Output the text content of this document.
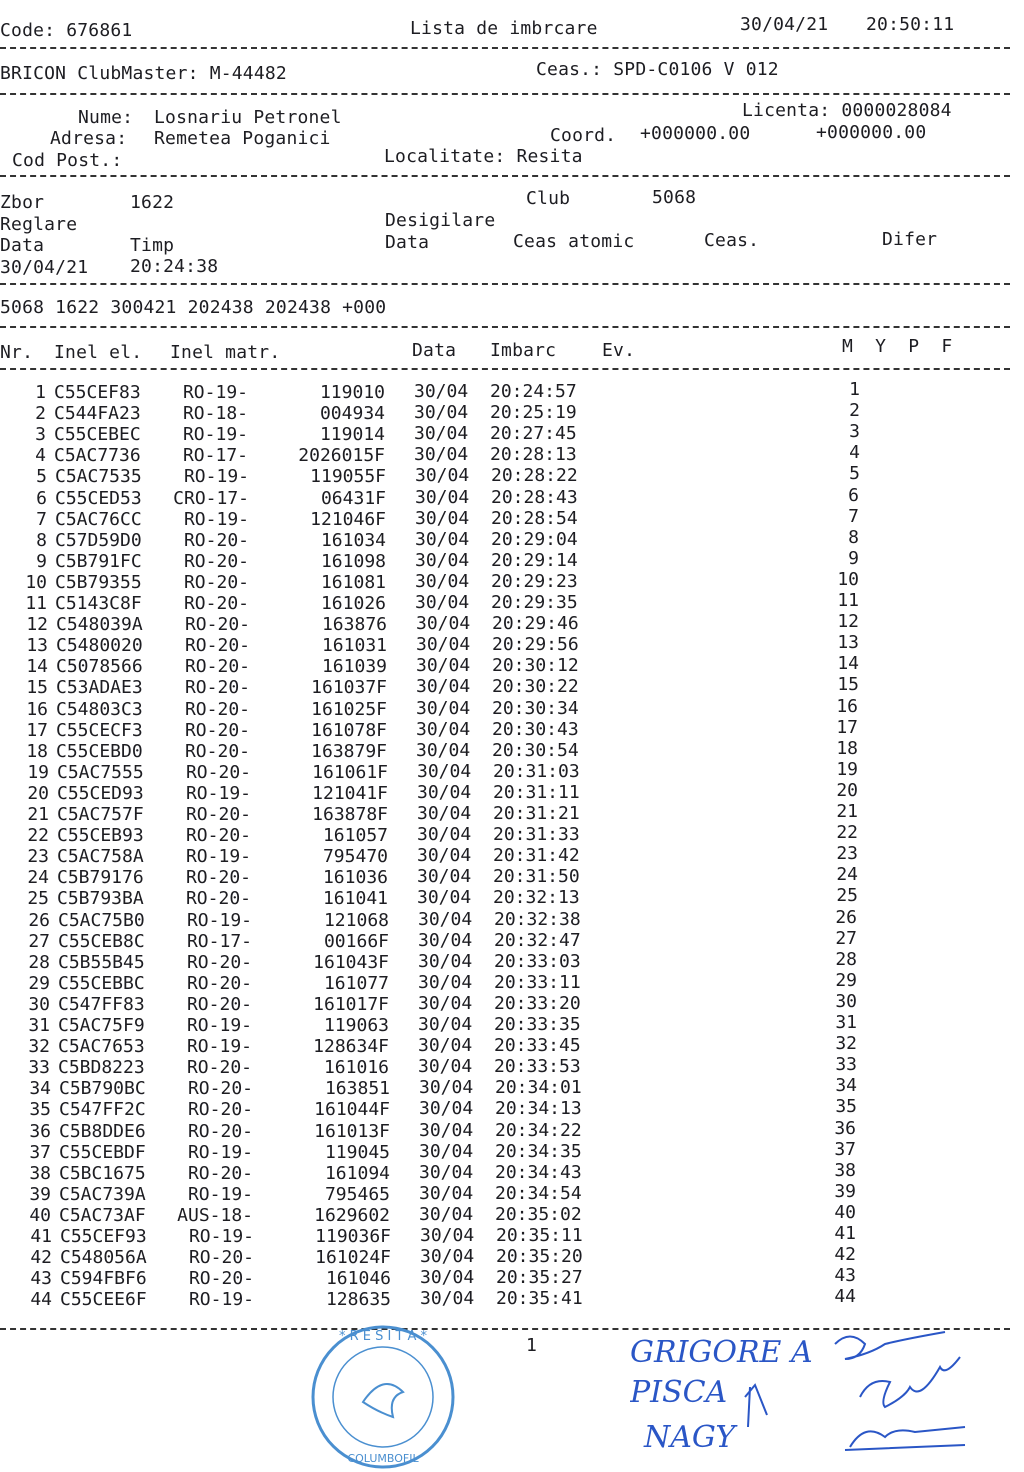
Code: 676861	Lista de imbrcare	30/04/21 20:50:11
BRICON ClubMaster: M-44482	Ceas.: SPD-C0106 V 012
Nume: Losnariu Petronel	Licenta: 0000028084
Adresa: Remetea Poganici	Coord. +000000.00	+000000.00
Cod Post.:	Localitate: Resita
Zbor	1622	Club	5068
Reglare	Desigilare
Data	Timp	Data	Ceas atomic	Ceas.	Difer
30/04/21 20:24:38
5068 1622 300421 202438 202438 +000
Nr. Inel el. Inel matr.	Data Imbarc	Ev.	M  Y  P  F
1 C55CEF83	RO-19-	119010 30/04 20:24:57	1
2 C544FA23	RO-18-	004934 30/04 20:25:19	2
3 C55CEBEC	RO-19-	119014 30/04 20:27:45	3
4 C5AC7736	RO-17-	2026015F 30/04 20:28:13	4
5 C5AC7535	RO-19-	119055F 30/04 20:28:22	5
6 C55CED53	CRO-17-	06431F 30/04 20:28:43	6
7 C5AC76CC	RO-19-	121046F 30/04 20:28:54	7
8 C57D59D0	RO-20-	161034 30/04 20:29:04	8
9 C5B791FC	RO-20-	161098 30/04 20:29:14	9
10 C5B79355	RO-20-	161081 30/04 20:29:23	10
11 C5143C8F	RO-20-	161026 30/04 20:29:35	11
12 C548039A	RO-20-	163876 30/04 20:29:46	12
13 C5480020	RO-20-	161031 30/04 20:29:56	13
14 C5078566	RO-20-	161039 30/04 20:30:12	14
15 C53ADAE3	RO-20-	161037F 30/04 20:30:22	15
16 C54803C3	RO-20-	161025F 30/04 20:30:34	16
17 C55CECF3	RO-20-	161078F 30/04 20:30:43	17
18 C55CEBD0	RO-20-	163879F 30/04 20:30:54	18
19 C5AC7555	RO-20-	161061F 30/04 20:31:03	19
20 C55CED93	RO-19-	121041F 30/04 20:31:11	20
21 C5AC757F	RO-20-	163878F 30/04 20:31:21	21
22 C55CEB93	RO-20-	161057 30/04 20:31:33	22
23 C5AC758A	RO-19-	795470 30/04 20:31:42	23
24 C5B79176	RO-20-	161036 30/04 20:31:50	24
25 C5B793BA	RO-20-	161041 30/04 20:32:13	25
26 C5AC75B0	RO-19-	121068 30/04 20:32:38	26
27 C55CEB8C	RO-17-	00166F 30/04 20:32:47	27
28 C5B55B45	RO-20-	161043F 30/04 20:33:03	28
29 C55CEBBC	RO-20-	161077 30/04 20:33:11	29
30 C547FF83	RO-20-	161017F 30/04 20:33:20	30
31 C5AC75F9	RO-19-	119063 30/04 20:33:35	31
32 C5AC7653	RO-19-	128634F 30/04 20:33:45	32
33 C5BD8223	RO-20-	161016 30/04 20:33:53	33
34 C5B790BC	RO-20-	163851 30/04 20:34:01	34
35 C547FF2C	RO-20-	161044F 30/04 20:34:13	35
36 C5B8DDE6	RO-20-	161013F 30/04 20:34:22	36
37 C55CEBDF	RO-19-	119045 30/04 20:34:35	37
38 C5BC1675	RO-20-	161094 30/04 20:34:43	38
39 C5AC739A	RO-19-	795465 30/04 20:34:54	39
40 C5AC73AF	AUS-18-	1629602 30/04 20:35:02	40
41 C55CEF93	RO-19-	119036F 30/04 20:35:11	41
42 C548056A	RO-20-	161024F 30/04 20:35:20	42
43 C594FBF6	RO-20-	161046 30/04 20:35:27	43
44 C55CEE6F	RO-19-	128635 30/04 20:35:41	44
1
* R E S I T A *
COLUMBOFIL
GRIGORE A
PISCA
NAGY
